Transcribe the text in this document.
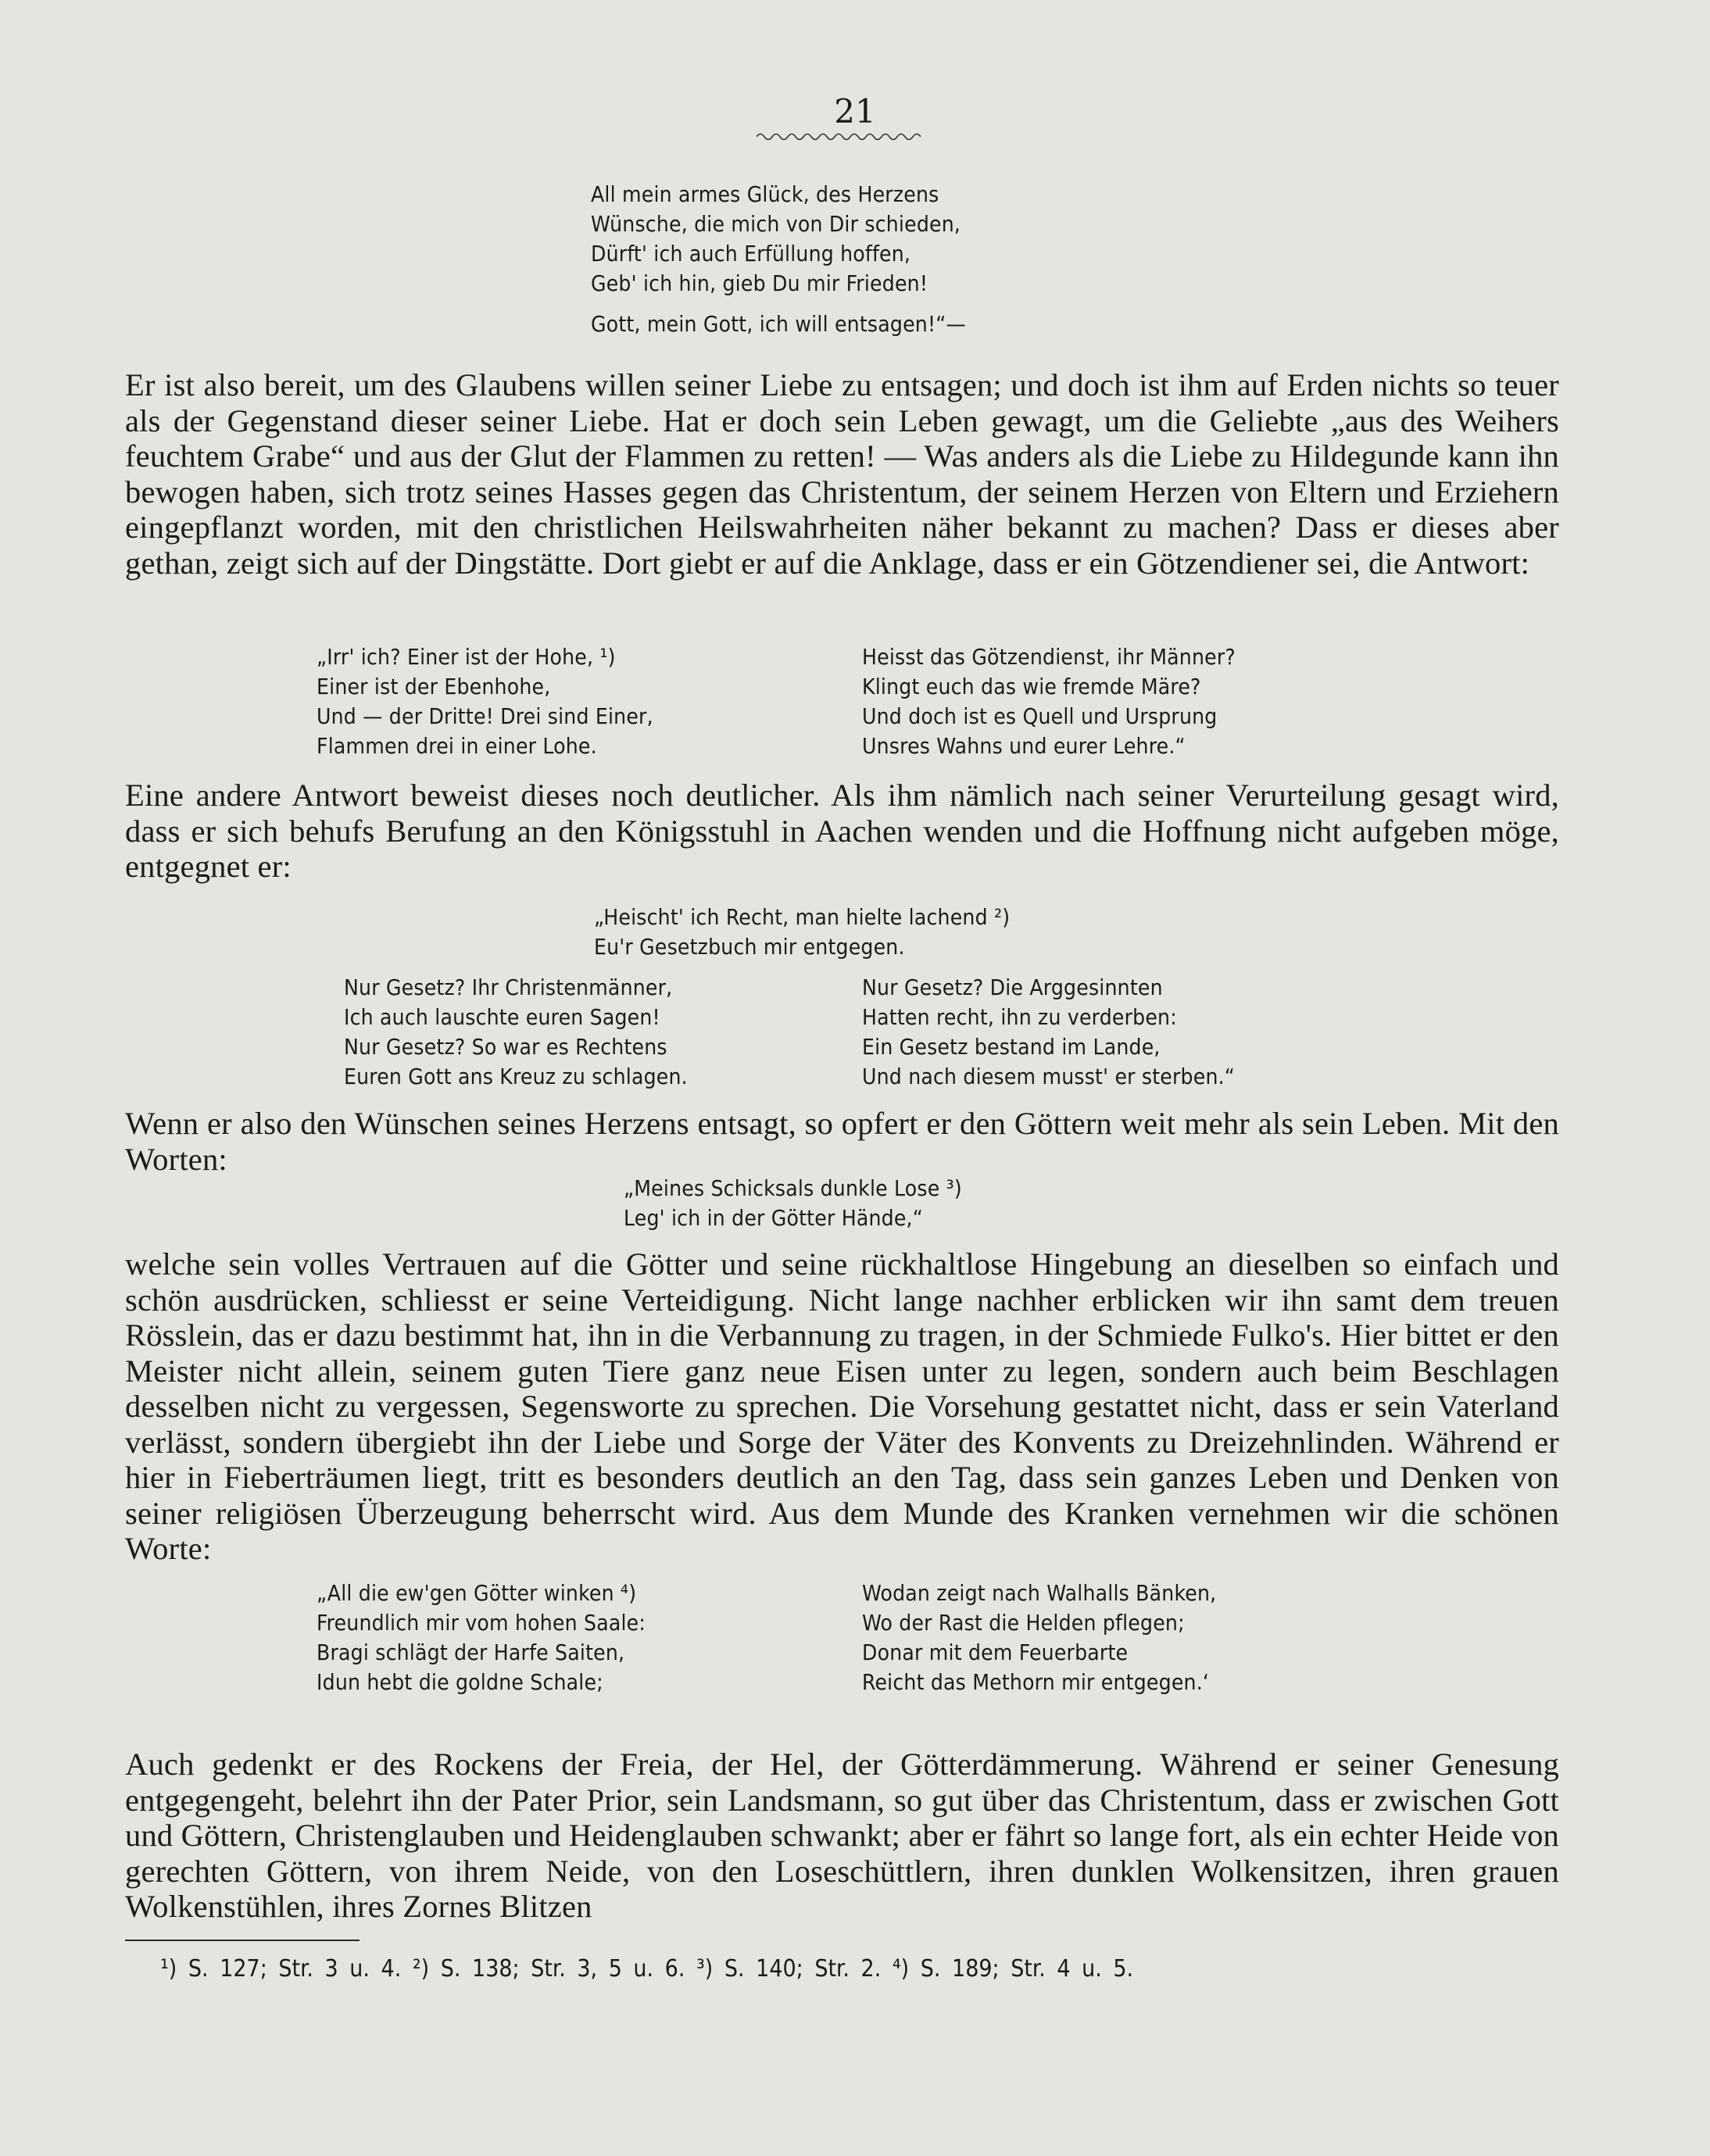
21
All mein armes Glück, des Herzens
Wünsche, die mich von Dir schieden,
Dürft' ich auch Erfüllung hoffen,
Geb' ich hin, gieb Du mir Frieden!
Gott, mein Gott, ich will entsagen!“—

Er ist also bereit, um des Glaubens willen seiner Liebe zu entsagen; und doch ist ihm auf Erden nichts so teuer als der Gegenstand dieser seiner Liebe. Hat er doch sein Leben gewagt, um die Geliebte „aus des Weihers feuchtem Grabe“ und aus der Glut der Flammen zu retten! — Was anders als die Liebe zu Hildegunde kann ihn bewogen haben, sich trotz seines Hasses gegen das Christentum, der seinem Herzen von Eltern und Erziehern eingepflanzt worden, mit den christlichen Heilswahrheiten näher bekannt zu machen? Dass er dieses aber gethan, zeigt sich auf der Dingstätte. Dort giebt er auf die Anklage, dass er ein Götzendiener sei, die Antwort:

„Irr' ich? Einer ist der Hohe, ¹)
Einer ist der Ebenhohe,
Und — der Dritte! Drei sind Einer,
Flammen drei in einer Lohe.
Heisst das Götzendienst, ihr Männer?
Klingt euch das wie fremde Märe?
Und doch ist es Quell und Ursprung
Unsres Wahns und eurer Lehre.“

Eine andere Antwort beweist dieses noch deutlicher. Als ihm nämlich nach seiner Verurteilung gesagt wird, dass er sich behufs Berufung an den Königsstuhl in Aachen wenden und die Hoffnung nicht aufgeben möge, entgegnet er:

„Heischt' ich Recht, man hielte lachend ²)
Eu'r Gesetzbuch mir entgegen.
Nur Gesetz? Ihr Christenmänner,
Ich auch lauschte euren Sagen!
Nur Gesetz? So war es Rechtens
Euren Gott ans Kreuz zu schlagen.
Nur Gesetz? Die Arggesinnten
Hatten recht, ihn zu verderben:
Ein Gesetz bestand im Lande,
Und nach diesem musst' er sterben.“

Wenn er also den Wünschen seines Herzens entsagt, so opfert er den Göttern weit mehr als sein Leben. Mit den Worten:

„Meines Schicksals dunkle Lose ³)
Leg' ich in der Götter Hände,“

welche sein volles Vertrauen auf die Götter und seine rückhaltlose Hingebung an dieselben so einfach und schön ausdrücken, schliesst er seine Verteidigung. Nicht lange nachher erblicken wir ihn samt dem treuen Rösslein, das er dazu bestimmt hat, ihn in die Verbannung zu tragen, in der Schmiede Fulko's. Hier bittet er den Meister nicht allein, seinem guten Tiere ganz neue Eisen unter zu legen, sondern auch beim Beschlagen desselben nicht zu vergessen, Segensworte zu sprechen. Die Vorsehung gestattet nicht, dass er sein Vaterland verlässt, sondern übergiebt ihn der Liebe und Sorge der Väter des Konvents zu Dreizehnlinden. Während er hier in Fieberträumen liegt, tritt es besonders deutlich an den Tag, dass sein ganzes Leben und Denken von seiner religiösen Überzeugung beherrscht wird. Aus dem Munde des Kranken vernehmen wir die schönen Worte:

„All die ew'gen Götter winken ⁴)
Freundlich mir vom hohen Saale:
Bragi schlägt der Harfe Saiten,
Idun hebt die goldne Schale;
Wodan zeigt nach Walhalls Bänken,
Wo der Rast die Helden pflegen;
Donar mit dem Feuerbarte
Reicht das Methorn mir entgegen.‘

Auch gedenkt er des Rockens der Freia, der Hel, der Götterdämmerung. Während er seiner Genesung entgegengeht, belehrt ihn der Pater Prior, sein Landsmann, so gut über das Christentum, dass er zwischen Gott und Göttern, Christenglauben und Heidenglauben schwankt; aber er fährt so lange fort, als ein echter Heide von gerechten Göttern, von ihrem Neide, von den Loseschüttlern, ihren dunklen Wolkensitzen, ihren grauen Wolkenstühlen, ihres Zornes Blitzen

¹) S. 127; Str. 3 u. 4. ²) S. 138; Str. 3, 5 u. 6. ³) S. 140; Str. 2. ⁴) S. 189; Str. 4 u. 5.
